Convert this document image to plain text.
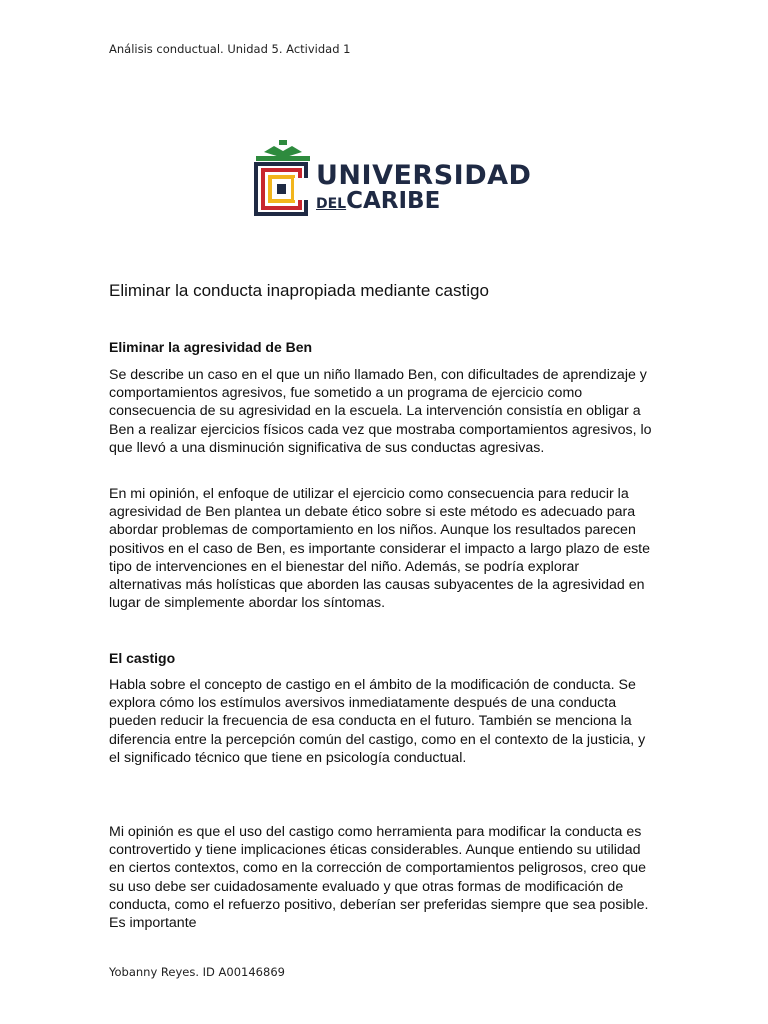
Análisis conductual. Unidad 5. Actividad 1
UNIVERSIDAD
DELCARIBE
Eliminar la conducta inapropiada mediante castigo
Eliminar la agresividad de Ben

Se describe un caso en el que un niño llamado Ben, con dificultades de aprendizaje y comportamientos agresivos, fue sometido a un programa de ejercicio como consecuencia de su agresividad en la escuela. La intervención consistía en obligar a Ben a realizar ejercicios físicos cada vez que mostraba comportamientos agresivos, lo que llevó a una disminución significativa de sus conductas agresivas.

En mi opinión, el enfoque de utilizar el ejercicio como consecuencia para reducir la agresividad de Ben plantea un debate ético sobre si este método es adecuado para abordar problemas de comportamiento en los niños. Aunque los resultados parecen positivos en el caso de Ben, es importante considerar el impacto a largo plazo de este tipo de intervenciones en el bienestar del niño. Además, se podría explorar alternativas más holísticas que aborden las causas subyacentes de la agresividad en lugar de simplemente abordar los síntomas.

El castigo

Habla sobre el concepto de castigo en el ámbito de la modificación de conducta. Se explora cómo los estímulos aversivos inmediatamente después de una conducta pueden reducir la frecuencia de esa conducta en el futuro. También se menciona la diferencia entre la percepción común del castigo, como en el contexto de la justicia, y el significado técnico que tiene en psicología conductual.

Mi opinión es que el uso del castigo como herramienta para modificar la conducta es controvertido y tiene implicaciones éticas considerables. Aunque entiendo su utilidad en ciertos contextos, como en la corrección de comportamientos peligrosos, creo que su uso debe ser cuidadosamente evaluado y que otras formas de modificación de conducta, como el refuerzo positivo, deberían ser preferidas siempre que sea posible. Es importante

Yobanny Reyes. ID A00146869
